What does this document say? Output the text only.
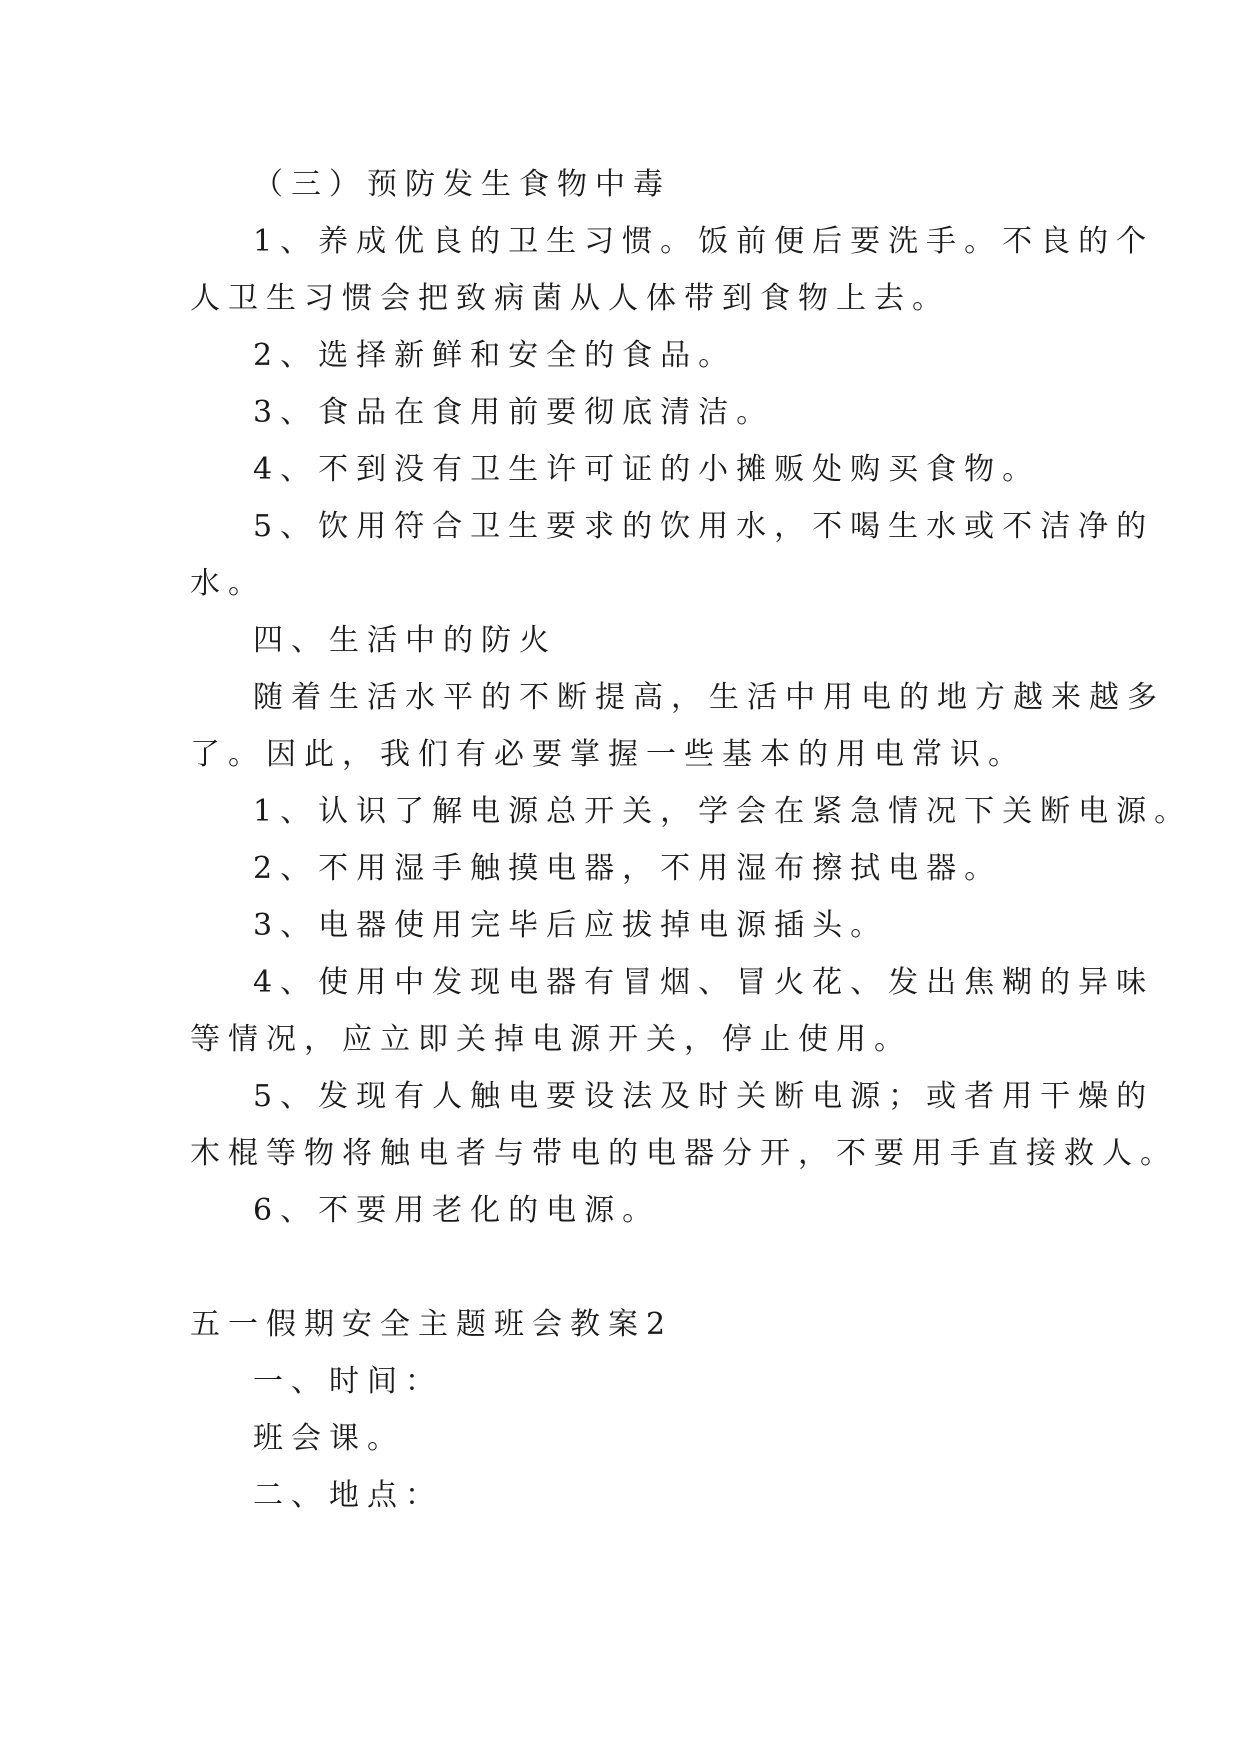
（三）预防发生食物中毒
1、养成优良的卫生习惯。饭前便后要洗手。不良的个
人卫生习惯会把致病菌从人体带到食物上去。
2、选择新鲜和安全的食品。
3、食品在食用前要彻底清洁。
4、不到没有卫生许可证的小摊贩处购买食物。
5、饮用符合卫生要求的饮用水，不喝生水或不洁净的
水。
四、生活中的防火
随着生活水平的不断提高，生活中用电的地方越来越多
了。因此，我们有必要掌握一些基本的用电常识。
1、认识了解电源总开关，学会在紧急情况下关断电源。
2、不用湿手触摸电器，不用湿布擦拭电器。
3、电器使用完毕后应拔掉电源插头。
4、使用中发现电器有冒烟、冒火花、发出焦糊的异味
等情况，应立即关掉电源开关，停止使用。
5、发现有人触电要设法及时关断电源；或者用干燥的
木棍等物将触电者与带电的电器分开，不要用手直接救人。
6、不要用老化的电源。
五一假期安全主题班会教案2
一、时间：
班会课。
二、地点：
